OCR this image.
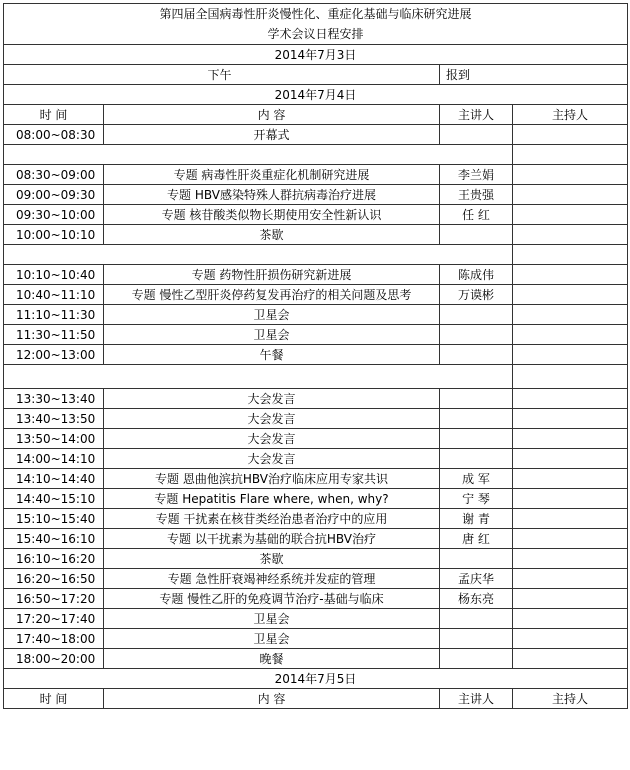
第四届全国病毒性肝炎慢性化、重症化基础与临床研究进展
学术会议日程安排			

2014年7月3日			
下午		报到	
2014年7月4日			
时 间	内 容	主讲人	主持人
08:00~08:30	开幕式		

08:30~09:00	专题 病毒性肝炎重症化机制研究进展	李兰娟	
09:00~09:30	专题 HBV感染特殊人群抗病毒治疗进展	王贵强	
09:30~10:00	专题 核苷酸类似物长期使用安全性新认识	任 红	
10:00~10:10	茶歇		

10:10~10:40	专题 药物性肝损伤研究新进展	陈成伟	
10:40~11:10	专题 慢性乙型肝炎停药复发再治疗的相关问题及思考	万谟彬	
11:10~11:30	卫星会		
11:30~11:50	卫星会		
12:00~13:00	午餐		

13:30~13:40	大会发言		
13:40~13:50	大会发言		
13:50~14:00	大会发言		
14:00~14:10	大会发言		
14:10~14:40	专题 恩曲他滨抗HBV治疗临床应用专家共识	成 军	
14:40~15:10	专题 Hepatitis Flare where, when, why?	宁 琴	
15:10~15:40	专题 干扰素在核苷类经治患者治疗中的应用	谢 青	
15:40~16:10	专题 以干扰素为基础的联合抗HBV治疗	唐 红	
16:10~16:20	茶歇		
16:20~16:50	专题 急性肝衰竭神经系统并发症的管理	孟庆华	
16:50~17:20	专题 慢性乙肝的免疫调节治疗-基础与临床	杨东亮	
17:20~17:40	卫星会		
17:40~18:00	卫星会		
18:00~20:00	晚餐		
2014年7月5日			
时 间	内 容	主讲人	主持人
